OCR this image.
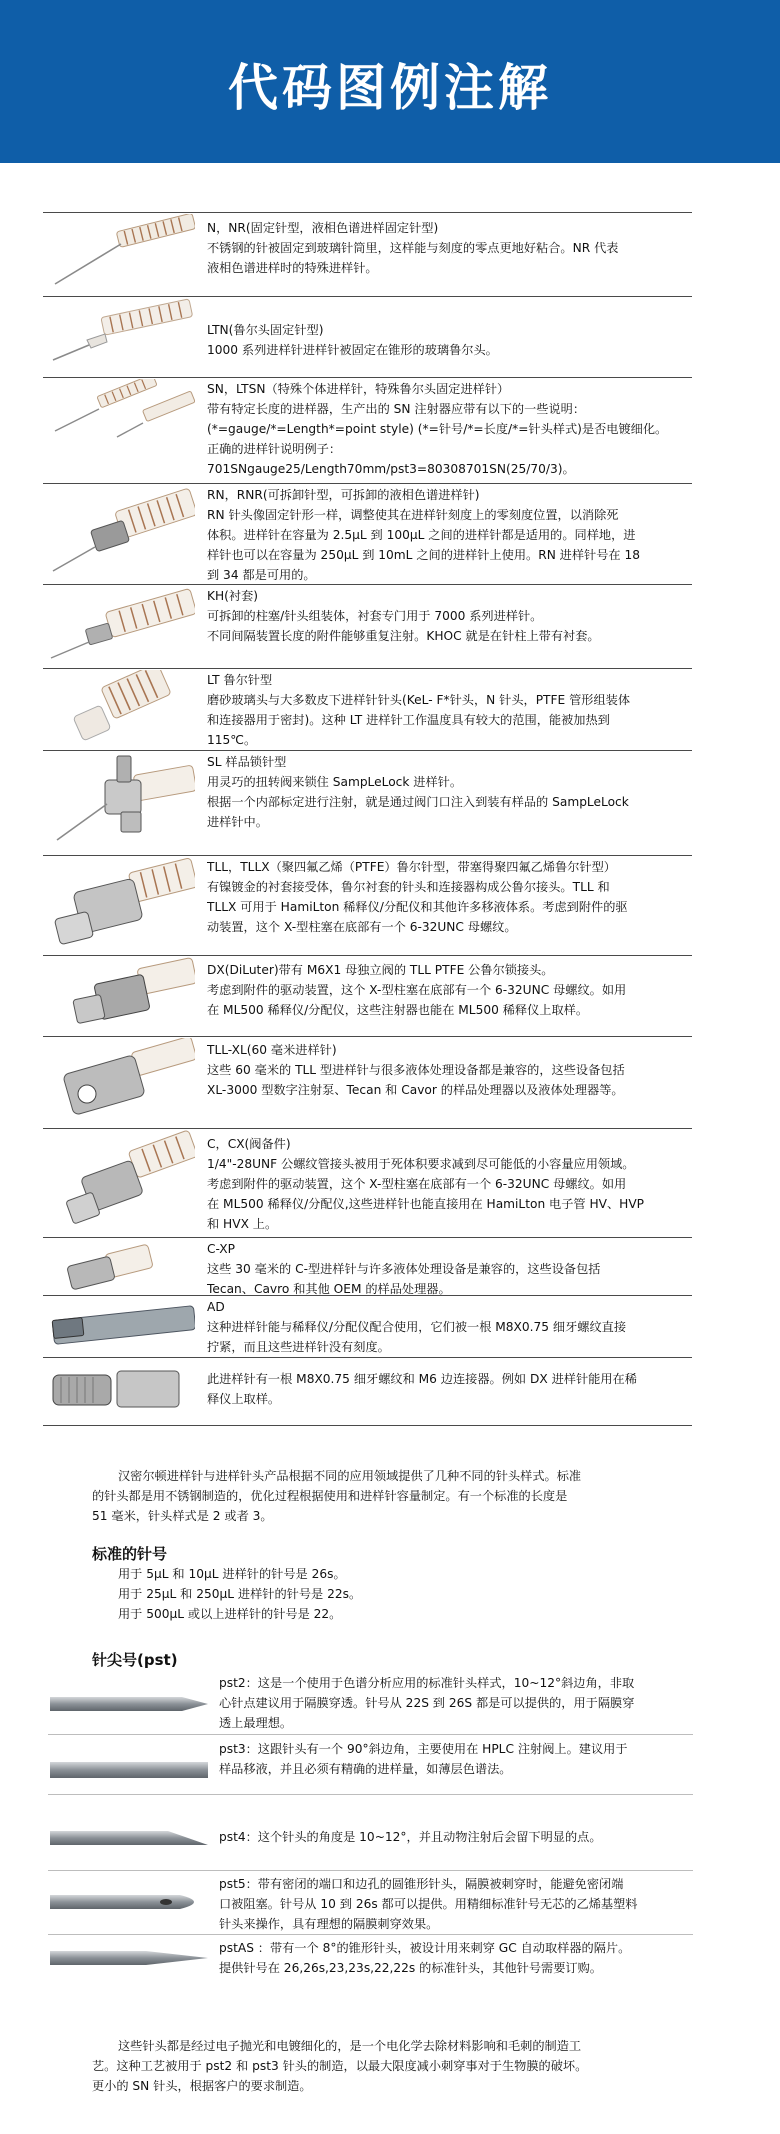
代码图例注解
N，NR(固定针型，液相色谱进样固定针型)
不锈钢的针被固定到玻璃针筒里，这样能与刻度的零点更地好粘合。NR 代表
液相色谱进样时的特殊进样针。
LTN(鲁尔头固定针型)
1000 系列进样针进样针被固定在锥形的玻璃鲁尔头。
SN，LTSN（特殊个体进样针，特殊鲁尔头固定进样针）
带有特定长度的进样器，生产出的 SN 注射器应带有以下的一些说明：
(*=gauge/*=Length*=point style) (*=针号/*=长度/*=针头样式)是否电镀细化。
正确的进样针说明例子：
701SNgauge25/Length70mm/pst3=80308701SN(25/70/3)。
RN，RNR(可拆卸针型，可拆卸的液相色谱进样针)
RN 针头像固定针形一样，调整使其在进样针刻度上的零刻度位置，以消除死
体积。进样针在容量为 2.5μL 到 100μL 之间的进样针都是适用的。同样地，进
样针也可以在容量为 250μL 到 10mL 之间的进样针上使用。RN 进样针号在 18
到 34 都是可用的。
KH(衬套)
可拆卸的柱塞/针头组装体，衬套专门用于 7000 系列进样针。
不同间隔装置长度的附件能够重复注射。KHOC 就是在针柱上带有衬套。
LT 鲁尔针型
磨砂玻璃头与大多数皮下进样针针头(KeL- F*针头，N 针头，PTFE 管形组装体
和连接器用于密封)。这种 LT 进样针工作温度具有较大的范围，能被加热到
115℃。
SL 样品锁针型
用灵巧的扭转阀来锁住 SampLeLock 进样针。
根据一个内部标定进行注射，就是通过阀门口注入到装有样品的 SampLeLock
进样针中。
TLL，TLLX（聚四氟乙烯（PTFE）鲁尔针型，带塞得聚四氟乙烯鲁尔针型）
有镍镀金的衬套接受体，鲁尔衬套的针头和连接器构成公鲁尔接头。TLL 和
TLLX 可用于 HamiLton 稀释仪/分配仪和其他许多移液体系。考虑到附件的驱
动装置，这个 X-型柱塞在底部有一个 6-32UNC 母螺纹。
DX(DiLuter)带有 M6X1 母独立阀的 TLL PTFE 公鲁尔锁接头。
考虑到附件的驱动装置，这个 X-型柱塞在底部有一个 6-32UNC 母螺纹。如用
在 ML500 稀释仪/分配仪，这些注射器也能在 ML500 稀释仪上取样。
TLL-XL(60 毫米进样针)
这些 60 毫米的 TLL 型进样针与很多液体处理设备都是兼容的，这些设备包括
XL-3000 型数字注射泵、Tecan 和 Cavor 的样品处理器以及液体处理器等。
C，CX(阀备件)
1/4"-28UNF 公螺纹管接头被用于死体积要求减到尽可能低的小容量应用领域。
考虑到附件的驱动装置，这个 X-型柱塞在底部有一个 6-32UNC 母螺纹。如用
在 ML500 稀释仪/分配仪,这些进样针也能直接用在 HamiLton 电子管 HV、HVP
和 HVX 上。
C-XP
这些 30 毫米的 C-型进样针与许多液体处理设备是兼容的，这些设备包括
Tecan、Cavro 和其他 OEM 的样品处理器。
AD
这种进样针能与稀释仪/分配仪配合使用，它们被一根 M8X0.75 细牙螺纹直接
拧紧，而且这些进样针没有刻度。
此进样针有一根 M8X0.75 细牙螺纹和 M6 边连接器。例如 DX 进样针能用在稀
释仪上取样。
汉密尔顿进样针与进样针头产品根据不同的应用领域提供了几种不同的针头样式。标准
的针头都是用不锈钢制造的，优化过程根据使用和进样针容量制定。有一个标准的长度是
51 毫米，针头样式是 2 或者 3。
标准的针号
用于 5μL 和 10μL 进样针的针号是 26s。
用于 25μL 和 250μL 进样针的针号是 22s。
用于 500μL 或以上进样针的针号是 22。
针尖号(pst)
pst2：这是一个使用于色谱分析应用的标准针头样式，10~12°斜边角，非取
心针点建议用于隔膜穿透。针号从 22S 到 26S 都是可以提供的，用于隔膜穿
透上最理想。
pst3：这跟针头有一个 90°斜边角，主要使用在 HPLC 注射阀上。建议用于
样品移液，并且必须有精确的进样量，如薄层色谱法。
pst4：这个针头的角度是 10~12°，并且动物注射后会留下明显的点。
pst5：带有密闭的端口和边孔的圆锥形针头，隔膜被刺穿时，能避免密闭端
口被阻塞。针号从 10 到 26s 都可以提供。用精细标准针号无芯的乙烯基塑料
针头来操作，具有理想的隔膜刺穿效果。
pstAS ：带有一个 8°的锥形针头，被设计用来刺穿 GC 自动取样器的隔片。
提供针号在 26,26s,23,23s,22,22s 的标准针头，其他针号需要订购。
这些针头都是经过电子抛光和电镀细化的，是一个电化学去除材料影响和毛刺的制造工
艺。这种工艺被用于 pst2 和 pst3 针头的制造，以最大限度减小刺穿事对于生物膜的破坏。
更小的 SN 针头，根据客户的要求制造。
